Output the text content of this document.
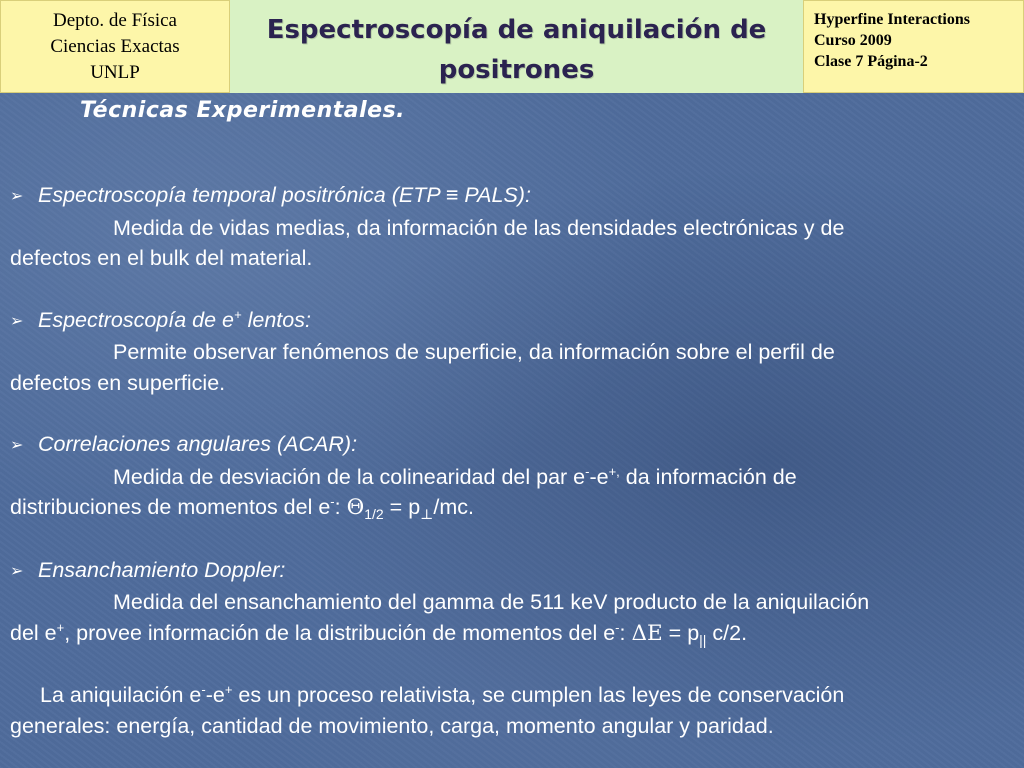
Depto. de Física
Ciencias Exactas
UNLP
Espectroscopía de aniquilación de
positrones
Hyperfine Interactions
Curso 2009
Clase 7 Página-2
Técnicas Experimentales.
➢ Espectroscopía temporal positrónica (ETP ≡ PALS):
Medida de vidas medias, da información de las densidades electrónicas y de
defectos en el bulk del material.
➢ Espectroscopía de e+ lentos:
Permite observar fenómenos de superficie, da información sobre el perfil de
defectos en superficie.
➢ Correlaciones angulares (ACAR):
Medida de desviación de la colinearidad del par e--e+, da información de
distribuciones de momentos del e-: $\Theta_{1/2} = p_\perp/mc$.
➢ Ensanchamiento Doppler:
Medida del ensanchamiento del gamma de 511 keV producto de la aniquilación
del e+, provee información de la distribución de momentos del e-: $\Delta E = p_{||}$ c/2.
La aniquilación e--e+ es un proceso relativista, se cumplen las leyes de conservación
generales: energía, cantidad de movimiento, carga, momento angular y paridad.
